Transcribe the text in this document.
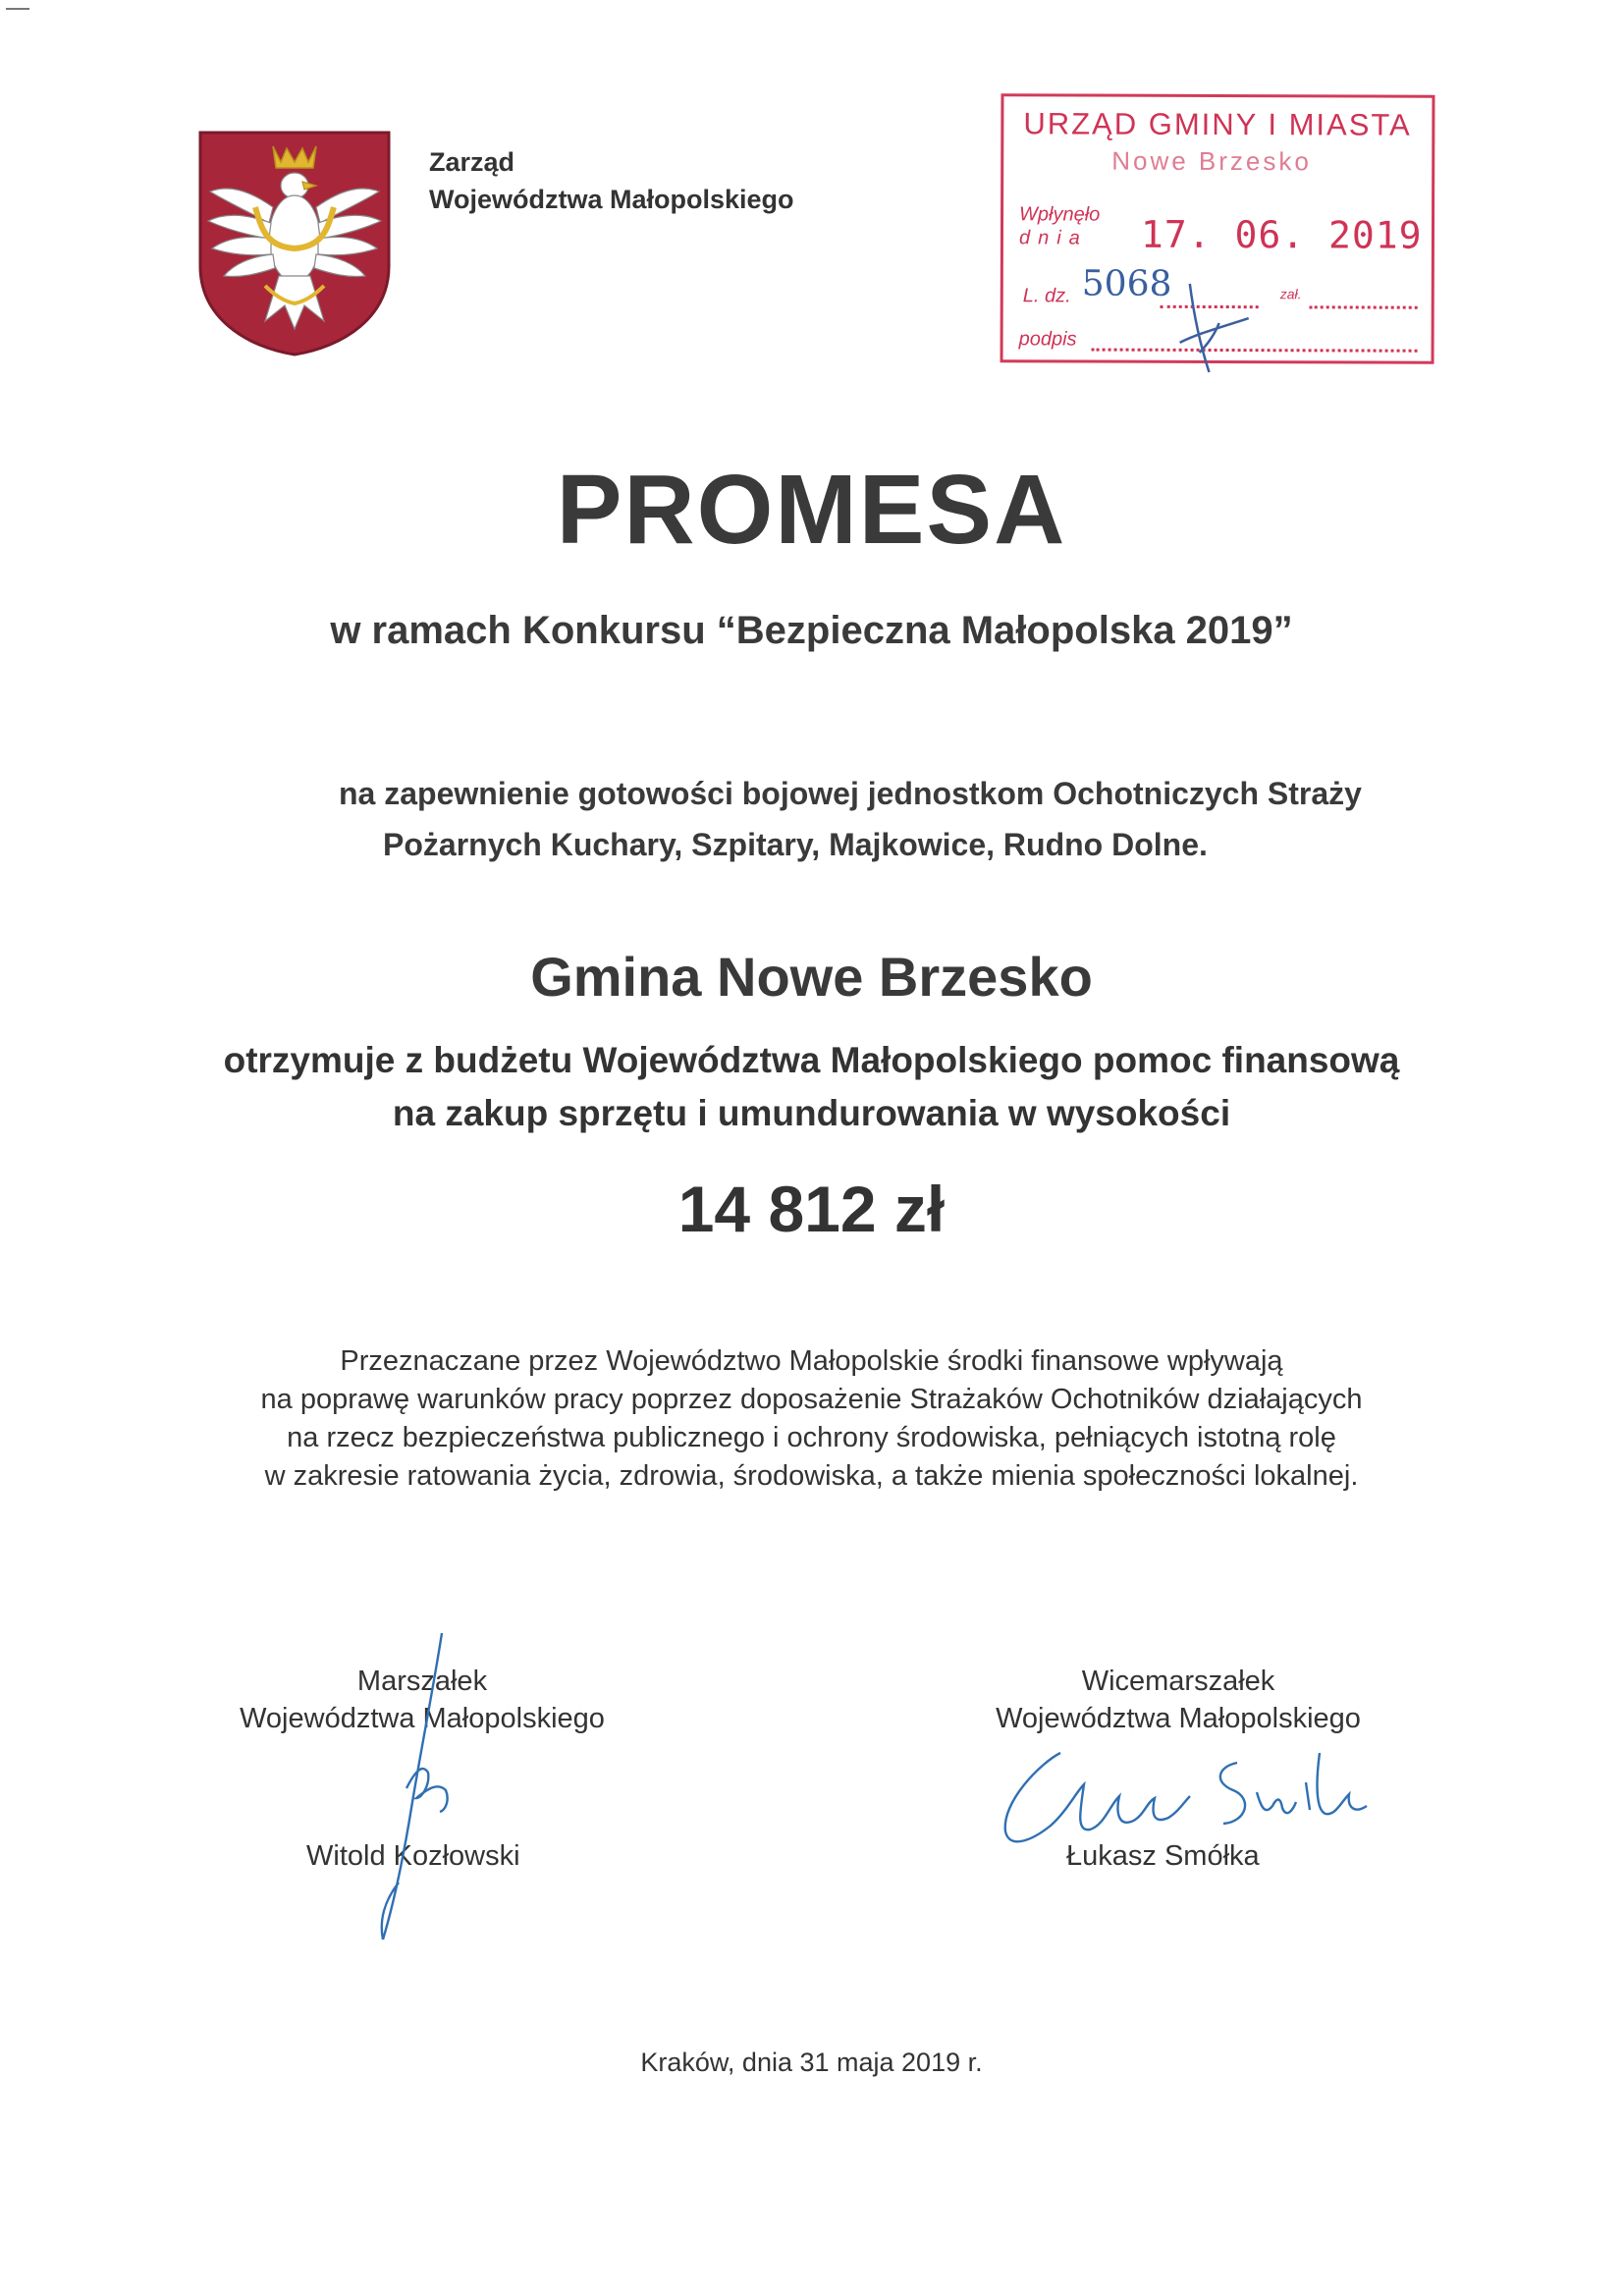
Zarząd
Województwa Małopolskiego
URZĄD GMINY I MIASTA
Nowe Brzesko
Wpłynęło
dnia	17. 06. 2019
L. dz. 5068	zał.
podpis
PROMESA
w ramach Konkursu “Bezpieczna Małopolska 2019”
na zapewnienie gotowości bojowej jednostkom Ochotniczych Straży
Pożarnych Kuchary, Szpitary, Majkowice, Rudno Dolne.
Gmina Nowe Brzesko
otrzymuje z budżetu Województwa Małopolskiego pomoc finansową
na zakup sprzętu i umundurowania w wysokości
14 812 zł
Przeznaczane przez Województwo Małopolskie środki finansowe wpływają
na poprawę warunków pracy poprzez doposażenie Strażaków Ochotników działających
na rzecz bezpieczeństwa publicznego i ochrony środowiska, pełniących istotną rolę
w zakresie ratowania życia, zdrowia, środowiska, a także mienia społeczności lokalnej.
Marszałek
Województwa Małopolskiego
Witold Kozłowski
Wicemarszałek
Województwa Małopolskiego
Łukasz Smółka
Kraków, dnia 31 maja 2019 r.
